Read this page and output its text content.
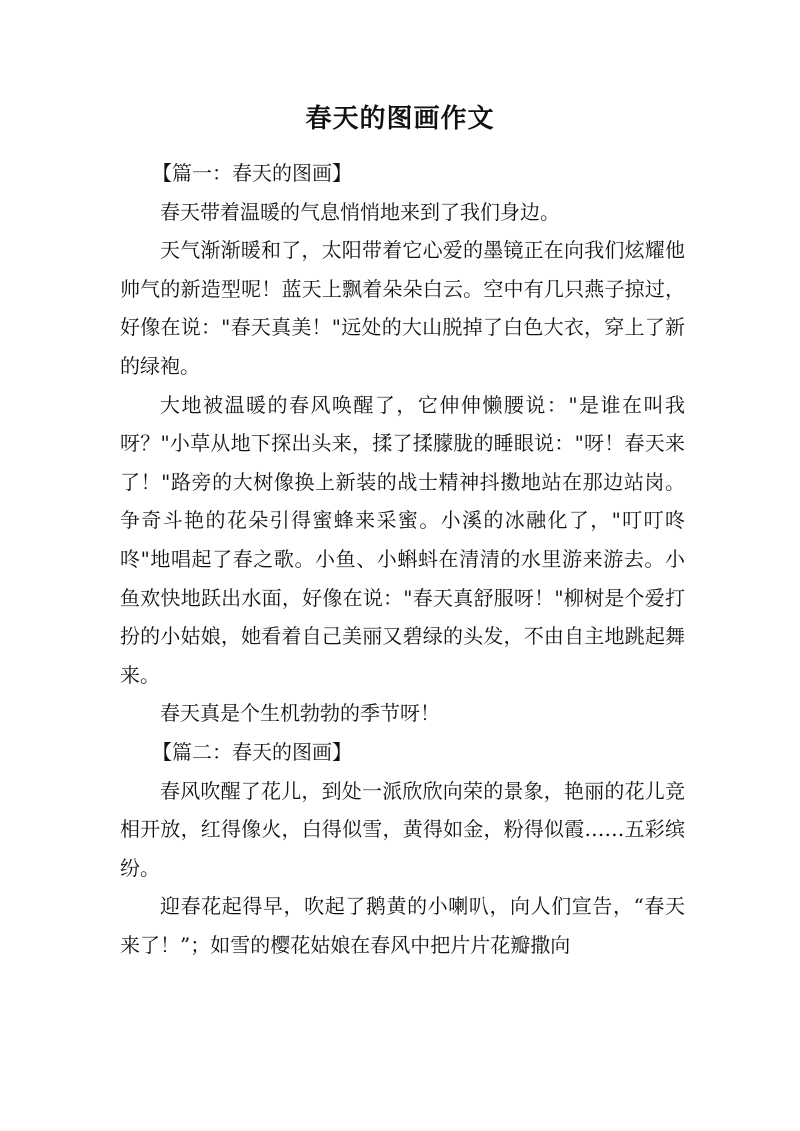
春天的图画作文

【篇一：春天的图画】

春天带着温暖的气息悄悄地来到了我们身边。

天气渐渐暖和了，太阳带着它心爱的墨镜正在向我们炫耀他帅气的新造型呢！蓝天上飘着朵朵白云。空中有几只燕子掠过，好像在说："春天真美！"远处的大山脱掉了白色大衣，穿上了新的绿袍。

大地被温暖的春风唤醒了，它伸伸懒腰说："是谁在叫我呀？"小草从地下探出头来，揉了揉朦胧的睡眼说："呀！春天来了！"路旁的大树像换上新装的战士精神抖擞地站在那边站岗。争奇斗艳的花朵引得蜜蜂来采蜜。小溪的冰融化了，"叮叮咚咚"地唱起了春之歌。小鱼、小蝌蚪在清清的水里游来游去。小鱼欢快地跃出水面，好像在说："春天真舒服呀！"柳树是个爱打扮的小姑娘，她看着自己美丽又碧绿的头发，不由自主地跳起舞来。

春天真是个生机勃勃的季节呀！

【篇二：春天的图画】

春风吹醒了花儿，到处一派欣欣向荣的景象，艳丽的花儿竞相开放，红得像火，白得似雪，黄得如金，粉得似霞……五彩缤纷。

迎春花起得早，吹起了鹅黄的小喇叭，向人们宣告，“春天来了！”；如雪的樱花姑娘在春风中把片片花瓣撒向
